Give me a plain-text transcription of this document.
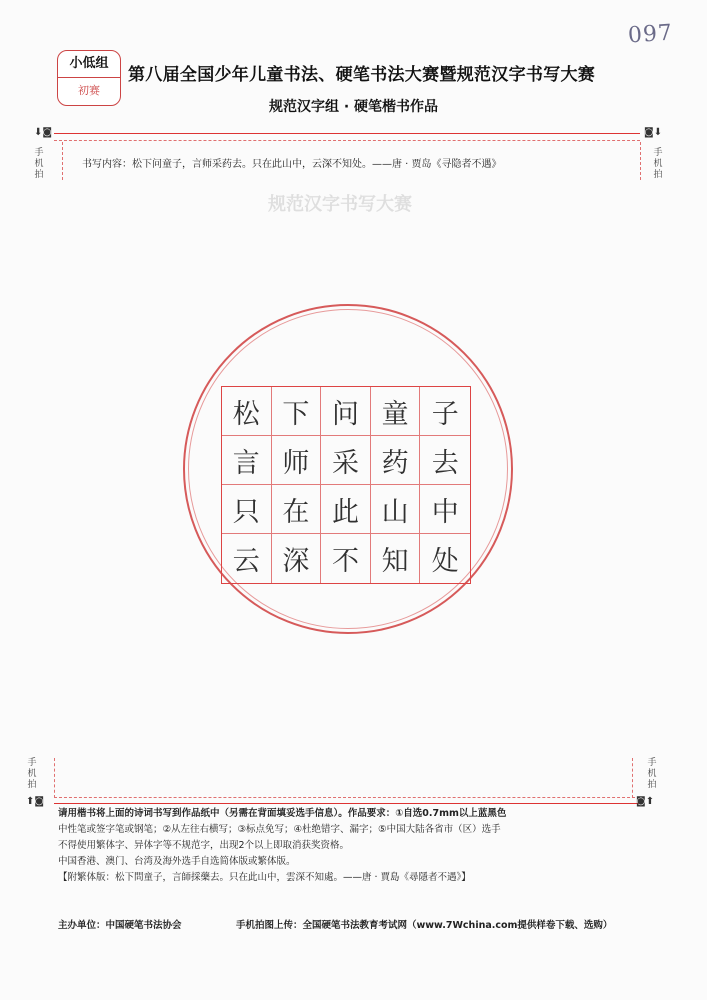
规范汉字书写大赛
097
小低组
初赛
第八届全国少年儿童书法、硬笔书法大赛暨规范汉字书写大赛
规范汉字组 · 硬笔楷书作品
⬇◙	◙⬇
手机拍
手机拍
书写内容：松下问童子，言师采药去。只在此山中，云深不知处。——唐 · 贾岛《寻隐者不遇》
松 下 问 童 子
言 师 采 药 去
只 在 此 山 中
云 深 不 知 处
手机拍
手机拍
⬆◙	◙⬆

请用楷书将上面的诗词书写到作品纸中（另需在背面填妥选手信息）。作品要求：①自选0.7mm以上蓝黑色

中性笔或签字笔或钢笔；②从左往右横写；③标点免写；④杜绝错字、漏字；⑤中国大陆各省市（区）选手

不得使用繁体字、异体字等不规范字，出现2个以上即取消获奖资格。

中国香港、澳门、台湾及海外选手自选简体版或繁体版。

【附繁体版：松下問童子，言師採藥去。只在此山中，雲深不知處。——唐 · 賈島《尋隱者不遇》】

主办单位：中国硬笔书法协会	手机拍图上传：全国硬笔书法教育考试网（www.7Wchina.com提供样卷下载、选购）
